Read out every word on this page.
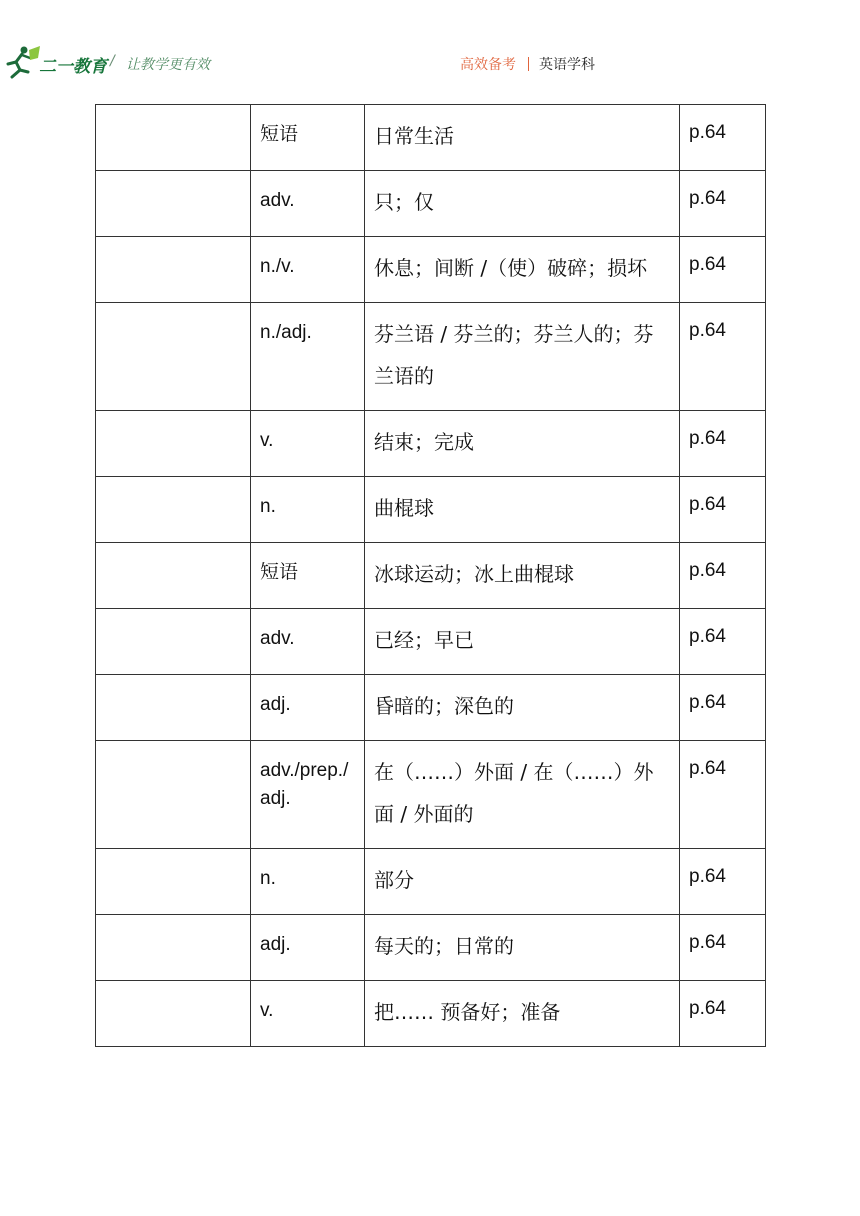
二一教育 / 让教学更有效	高效备考 英语学科
	短语	日常生活	p.64
	adv.	只；仅	p.64
	n./v.	休息；间断 /（使）破碎；损坏	p.64
	n./adj.	芬兰语 / 芬兰的；芬兰人的；芬兰语的	p.64
	v.	结束；完成	p.64
	n.	曲棍球	p.64
	短语	冰球运动；冰上曲棍球	p.64
	adv.	已经；早已	p.64
	adj.	昏暗的；深色的	p.64
	adv./prep./ adj.	在（……）外面 / 在（……）外面 / 外面的	p.64
	n.	部分	p.64
	adj.	每天的；日常的	p.64
	v.	把…… 预备好；准备	p.64
